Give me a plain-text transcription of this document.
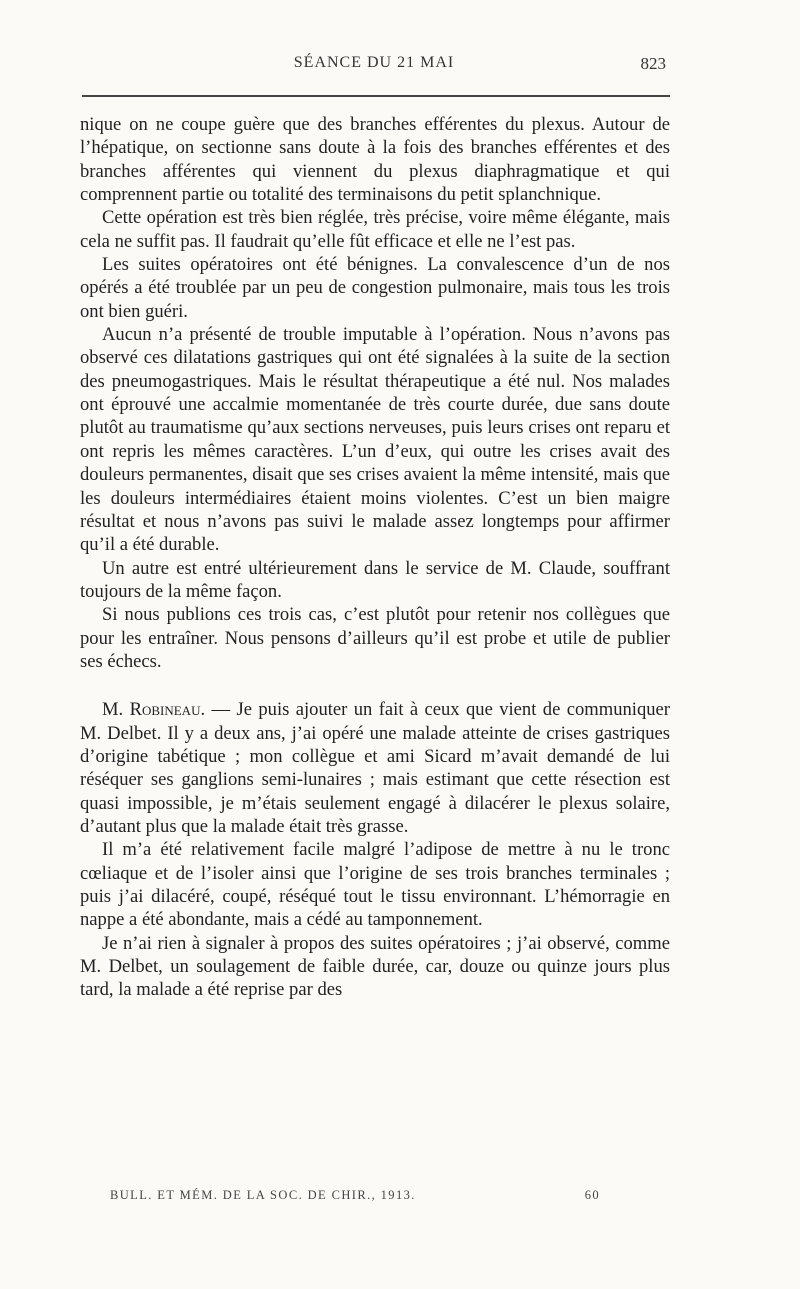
SÉANCE DU 21 MAI	823

nique on ne coupe guère que des branches efférentes du plexus. Autour de l’hépatique, on sectionne sans doute à la fois des branches efférentes et des branches afférentes qui viennent du plexus diaphragmatique et qui comprennent partie ou totalité des terminaisons du petit splanchnique.

Cette opération est très bien réglée, très précise, voire même élégante, mais cela ne suffit pas. Il faudrait qu’elle fût efficace et elle ne l’est pas.

Les suites opératoires ont été bénignes. La convalescence d’un de nos opérés a été troublée par un peu de congestion pulmonaire, mais tous les trois ont bien guéri.

Aucun n’a présenté de trouble imputable à l’opération. Nous n’avons pas observé ces dilatations gastriques qui ont été signalées à la suite de la section des pneumogastriques. Mais le résultat thérapeutique a été nul. Nos malades ont éprouvé une accalmie momentanée de très courte durée, due sans doute plutôt au traumatisme qu’aux sections nerveuses, puis leurs crises ont reparu et ont repris les mêmes caractères. L’un d’eux, qui outre les crises avait des douleurs permanentes, disait que ses crises avaient la même intensité, mais que les douleurs intermédiaires étaient moins violentes. C’est un bien maigre résultat et nous n’avons pas suivi le malade assez longtemps pour affirmer qu’il a été durable.

Un autre est entré ultérieurement dans le service de M. Claude, souffrant toujours de la même façon.

Si nous publions ces trois cas, c’est plutôt pour retenir nos collègues que pour les entraîner. Nous pensons d’ailleurs qu’il est probe et utile de publier ses échecs.

M. Robineau. — Je puis ajouter un fait à ceux que vient de communiquer M. Delbet. Il y a deux ans, j’ai opéré une malade atteinte de crises gastriques d’origine tabétique ; mon collègue et ami Sicard m’avait demandé de lui réséquer ses ganglions semi-lunaires ; mais estimant que cette résection est quasi impossible, je m’étais seulement engagé à dilacérer le plexus solaire, d’autant plus que la malade était très grasse.

Il m’a été relativement facile malgré l’adipose de mettre à nu le tronc cœliaque et de l’isoler ainsi que l’origine de ses trois branches terminales ; puis j’ai dilacéré, coupé, réséqué tout le tissu environnant. L’hémorragie en nappe a été abondante, mais a cédé au tamponnement.

Je n’ai rien à signaler à propos des suites opératoires ; j’ai observé, comme M. Delbet, un soulagement de faible durée, car, douze ou quinze jours plus tard, la malade a été reprise par des

BULL. ET MÉM. DE LA SOC. DE CHIR., 1913.	60
